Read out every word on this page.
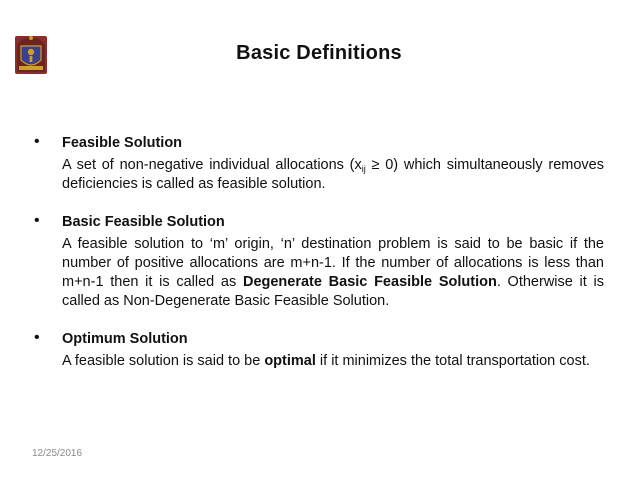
Basic Definitions
• Feasible Solution
A set of non-negative individual allocations $(x_{ij} \ge 0)$ which simultaneously removes deficiencies is called as feasible solution.
• Basic Feasible Solution
A feasible solution to ‘m’ origin, ‘n’ destination problem is said to be basic if the number of positive allocations are m+n-1. If the number of allocations is less than m+n-1 then it is called as Degenerate Basic Feasible Solution. Otherwise it is called as Non-Degenerate Basic Feasible Solution.
• Optimum Solution
A feasible solution is said to be optimal if it minimizes the total transportation cost.
12/25/2016
